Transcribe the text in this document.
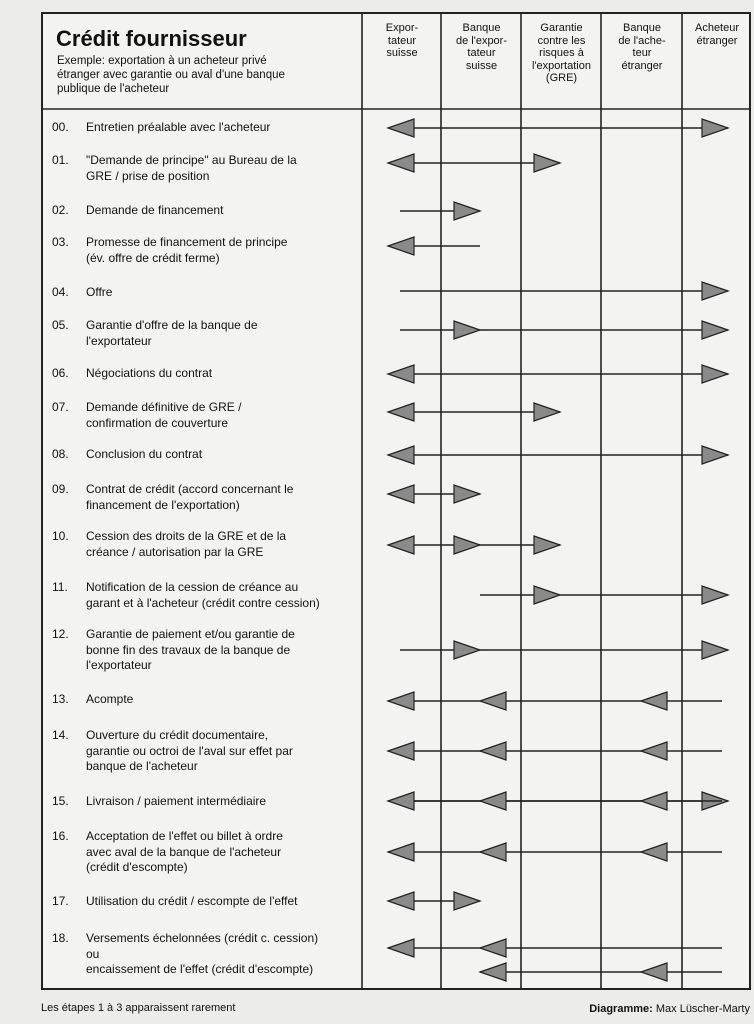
Crédit fournisseur
Exemple: exportation à un acheteur privé
étranger avec garantie ou aval d'une banque
publique de l'acheteur
Expor-
tateur
suisse
Banque
de l'expor-
tateur
suisse
Garantie
contre les
risques à
l'exportation
(GRE)
Banque
de l'ache-
teur
étranger
Acheteur
étranger
00. Entretien préalable avec l'acheteur
01. "Demande de principe" au Bureau de la
GRE / prise de position
02. Demande de financement
03. Promesse de financement de principe
(év. offre de crédit ferme)
04. Offre
05. Garantie d'offre de la banque de
l'exportateur
06. Négociations du contrat
07. Demande définitive de GRE /
confirmation de couverture
08. Conclusion du contrat
09. Contrat de crédit (accord concernant le
financement de l'exportation)
10. Cession des droits de la GRE et de la
créance / autorisation par la GRE
11. Notification de la cession de créance au
garant et à l'acheteur (crédit contre cession)
12. Garantie de paiement et/ou garantie de
bonne fin des travaux de la banque de
l'exportateur
13. Acompte
14. Ouverture du crédit documentaire,
garantie ou octroi de l'aval sur effet par
banque de l'acheteur
15. Livraison / paiement intermédiaire
16. Acceptation de l'effet ou billet à ordre
avec aval de la banque de l'acheteur
(crédit d'escompte)
17. Utilisation du crédit / escompte de l'effet
18. Versements échelonnées (crédit c. cession)
ou
encaissement de l'effet (crédit d'escompte)
Les étapes 1 à 3 apparaissent rarement	Diagramme: Max Lüscher-Marty
